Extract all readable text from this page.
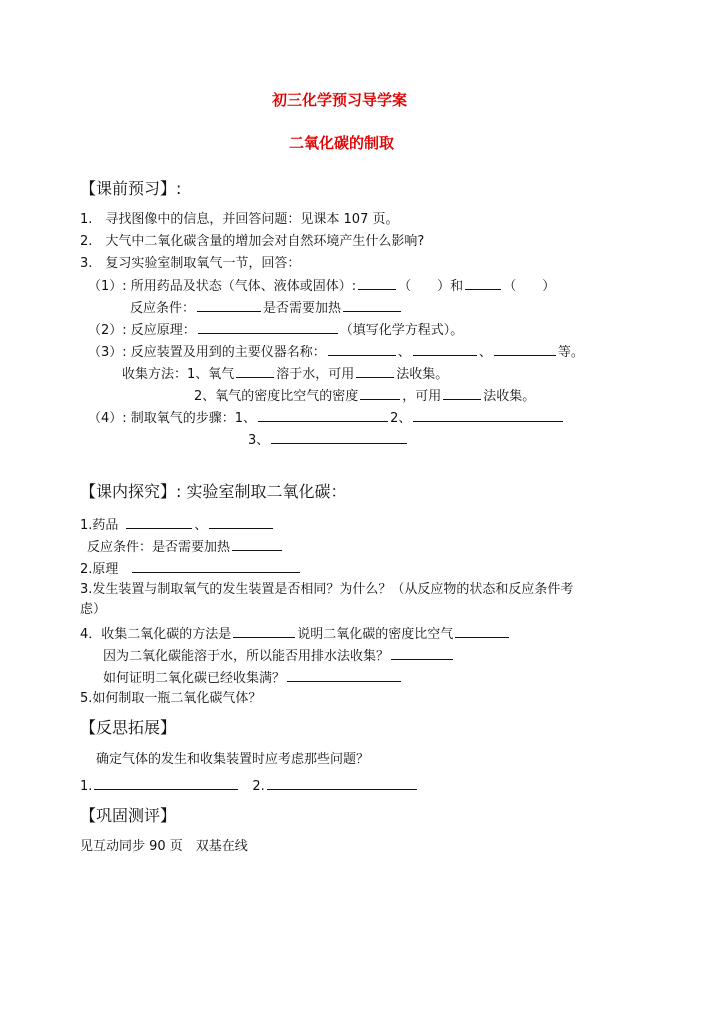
初三化学预习导学案
二氧化碳的制取
【课前预习】:
1.　寻找图像中的信息，并回答问题：见课本 107 页。
2.　大气中二氧化碳含量的增加会对自然环境产生什么影响?
3.　复习实验室制取氧气一节，回答：
（1）: 所用药品及状态（气体、液体或固体）:	（　　）和	（　　）
反应条件：	是否需要加热
（2）: 反应原理：	（填写化学方程式）。
（3）: 反应装置及用到的主要仪器名称：	、	、	等。
收集方法：1、氧气	溶于水，可用	法收集。
2、氧气的密度比空气的密度	，可用	法收集。
（4）: 制取氧气的步骤：1、	2、
3、
【课内探究】: 实验室制取二氧化碳：
1.药品	、
反应条件：是否需要加热
2.原理
3.发生装置与制取氧气的发生装置是否相同？为什么？（从反应物的状态和反应条件考
虑）
4．收集二氧化碳的方法是	说明二氧化碳的密度比空气
因为二氧化碳能溶于水，所以能否用排水法收集？
如何证明二氧化碳已经收集满？
5.如何制取一瓶二氧化碳气体？
【反思拓展】
确定气体的发生和收集装置时应考虑那些问题？
1.	2.
【巩固测评】
见互动同步 90 页　双基在线
